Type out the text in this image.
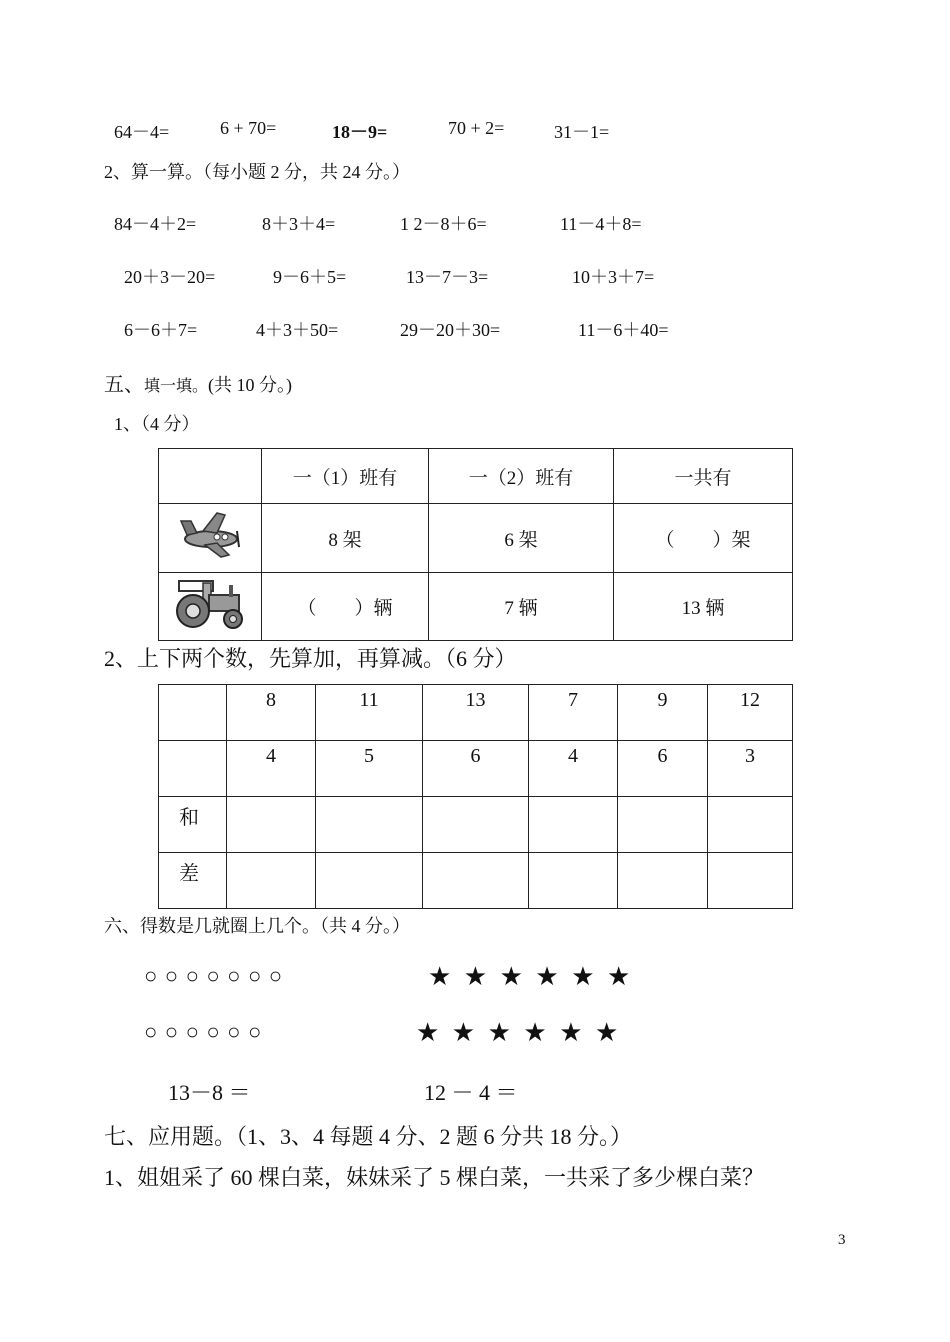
64－4=	6 + 70=	18－9=	70 + 2=	31－1=
2、算一算。（每小题 2 分，共 24 分。）
84－4＋2=	8＋3＋4=	1 2－8＋6=	11－4＋8=
20＋3－20=	9－6＋5=	13－7－3=	10＋3＋7=
6－6＋7=	4＋3＋50=	29－20＋30=	11－6＋40=
五、填一填。(共 10 分。)
1、（4 分）
	一（1）班有	一（2）班有	一共有
	8 架	6 架	（　　）架
	（　　）辆	7 辆	13 辆
2、上下两个数，先算加，再算减。（6 分）
	8	11	13	7	9	12
	4	5	6	4	6	3
和						
差						
六、得数是几就圈上几个。（共 4 分。）
○ ○ ○ ○ ○ ○ ○	★ ★ ★ ★ ★ ★
○ ○ ○ ○ ○ ○	★ ★ ★ ★ ★ ★
13－8 ＝	12 － 4 ＝
七、应用题。（1、3、4 每题 4 分、2 题 6 分共 18 分。）
1、姐姐采了 60 棵白菜，妹妹采了 5 棵白菜，一共采了多少棵白菜？
3
